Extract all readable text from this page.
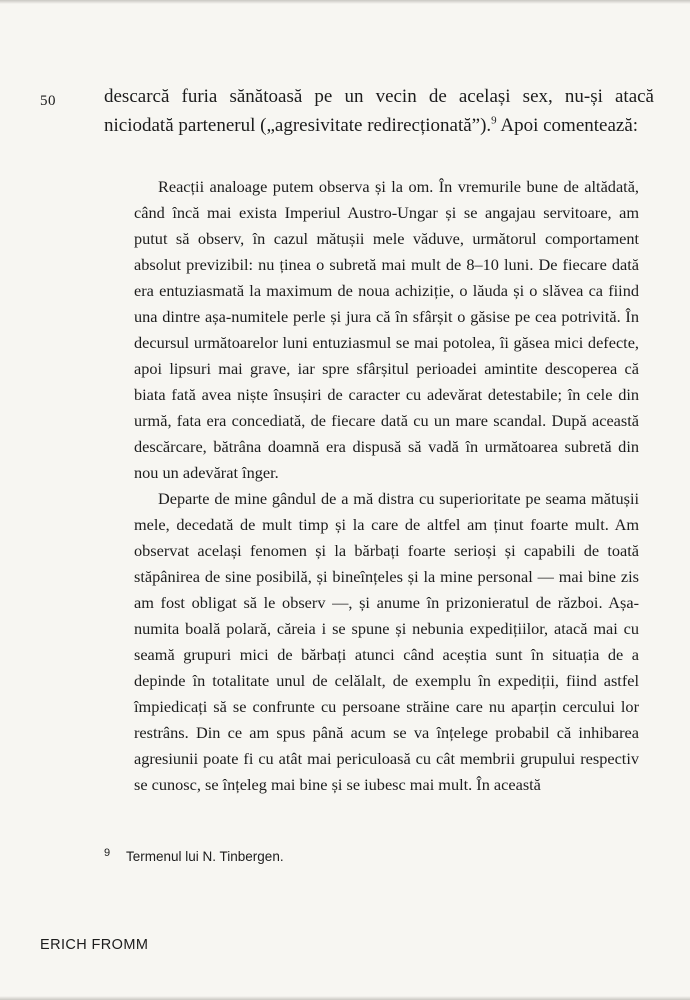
50	descarcă furia sănătoasă pe un vecin de același sex, nu-și atacă niciodată partenerul („agresivitate redirecționată”).$^9$ Apoi comentează:

Reacții analoage putem observa și la om. În vremurile bune de altădată, când încă mai exista Imperiul Austro-Ungar și se angajau servitoare, am putut să observ, în cazul mătușii mele văduve, următorul comportament absolut previzibil: nu ținea o subretă mai mult de 8–10 luni. De fiecare dată era entuziasmată la maximum de noua achiziție, o lăuda și o slăvea ca fiind una dintre așa-numitele perle și jura că în sfârșit o găsise pe cea potrivită. În decursul următoarelor luni entuziasmul se mai potolea, îi găsea mici defecte, apoi lipsuri mai grave, iar spre sfârșitul perioadei amintite descoperea că biata fată avea niște însușiri de caracter cu adevărat detestabile; în cele din urmă, fata era concediată, de fiecare dată cu un mare scandal. După această descărcare, bătrâna doamnă era dispusă să vadă în următoarea subretă din nou un adevărat înger.

Departe de mine gândul de a mă distra cu superioritate pe seama mătușii mele, decedată de mult timp și la care de altfel am ținut foarte mult. Am observat același fenomen și la bărbați foarte serioși și capabili de toată stăpânirea de sine posibilă, și bineînțeles și la mine personal — mai bine zis am fost obligat să le observ —, și anume în prizonieratul de război. Așa-numita boală polară, căreia i se spune și nebunia expedițiilor, atacă mai cu seamă grupuri mici de bărbați atunci când aceștia sunt în situația de a depinde în totalitate unul de celălalt, de exemplu în expediții, fiind astfel împiedicați să se confrunte cu persoane străine care nu aparțin cercului lor restrâns. Din ce am spus până acum se va înțelege probabil că inhibarea agresiunii poate fi cu atât mai periculoasă cu cât membrii grupului respectiv se cunosc, se înțeleg mai bine și se iubesc mai mult. În această

9 Termenul lui N. Tinbergen.
ERICH FROMM
